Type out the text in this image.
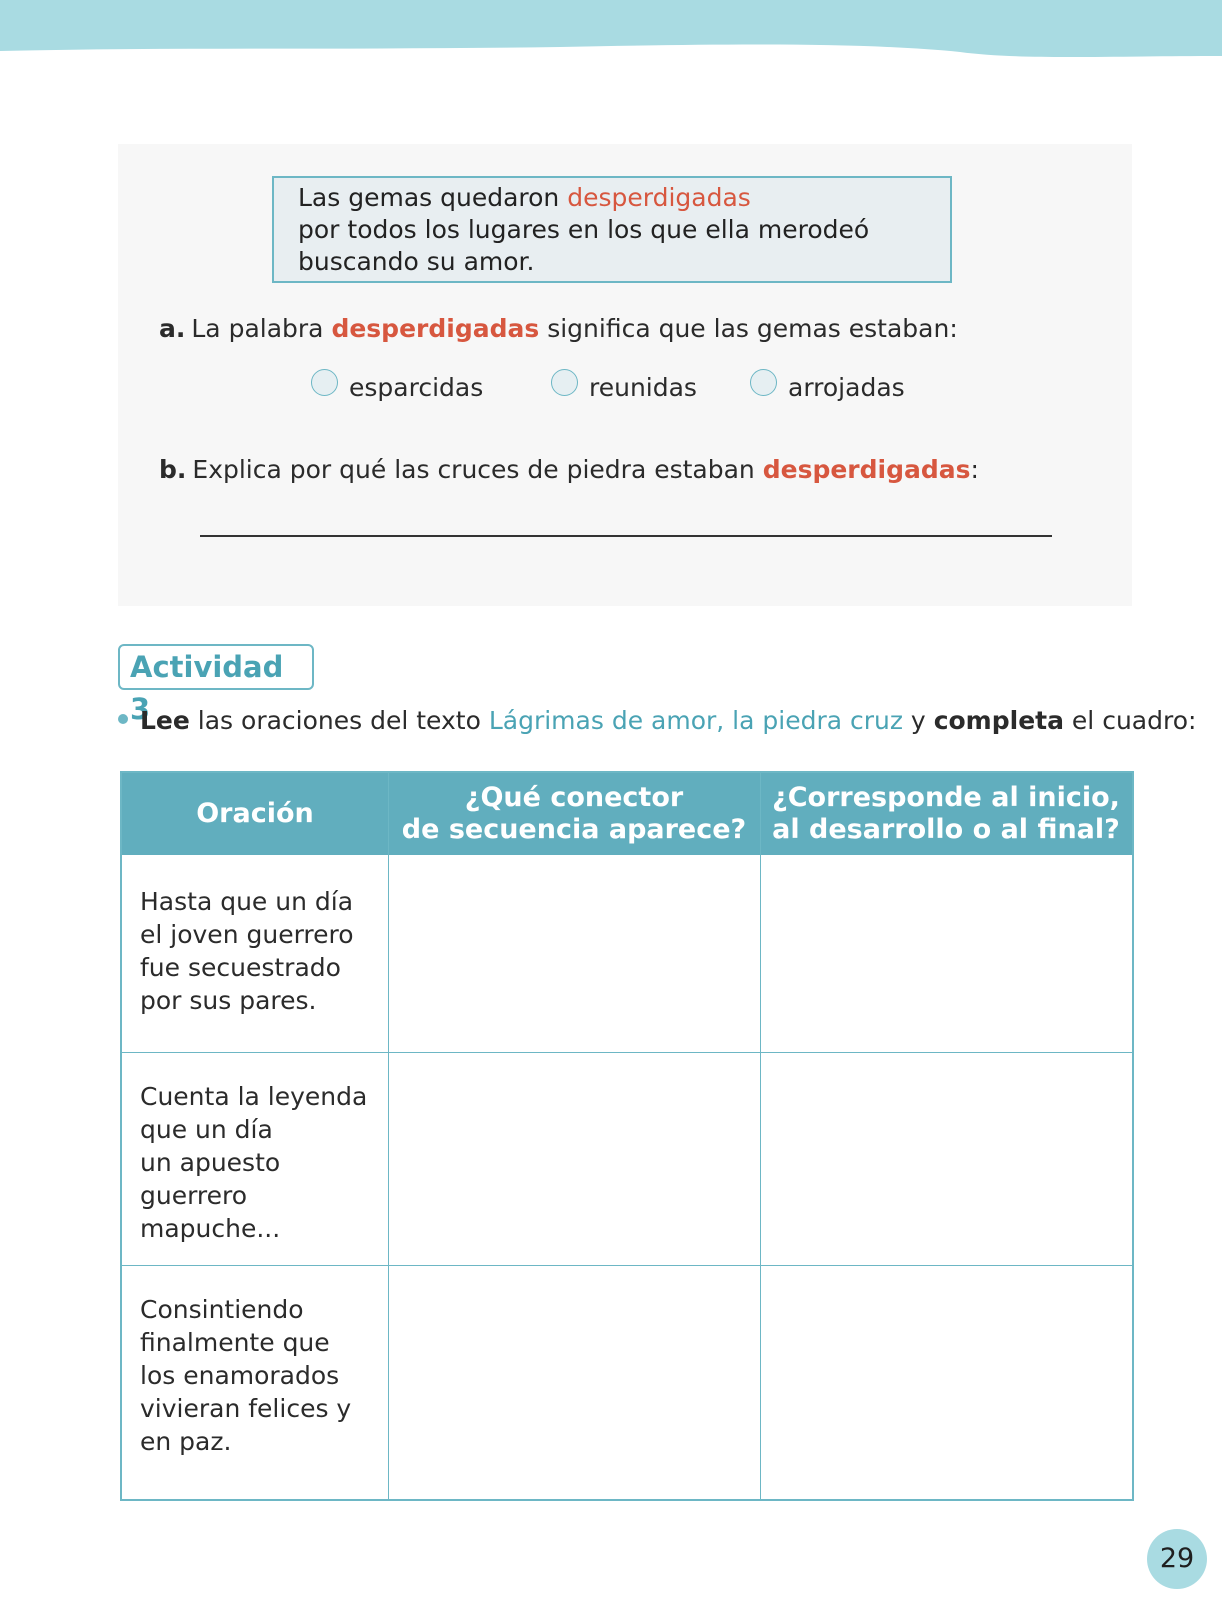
Las gemas quedaron desperdigadas
por todos los lugares en los que ella merodeó
buscando su amor.
a. La palabra desperdigadas significa que las gemas estaban:
esparcidas	reunidas	arrojadas
b. Explica por qué las cruces de piedra estaban desperdigadas:
Actividad 3
Lee las oraciones del texto Lágrimas de amor, la piedra cruz y completa el cuadro:
Oración
¿Qué conector
de secuencia aparece?
¿Corresponde al inicio,
al desarrollo o al final?
Hasta que un día
el joven guerrero
fue secuestrado
por sus pares.
Cuenta la leyenda
que un día
un apuesto guerrero
mapuche...
Consintiendo
finalmente que
los enamorados
vivieran felices y
en paz.
29
